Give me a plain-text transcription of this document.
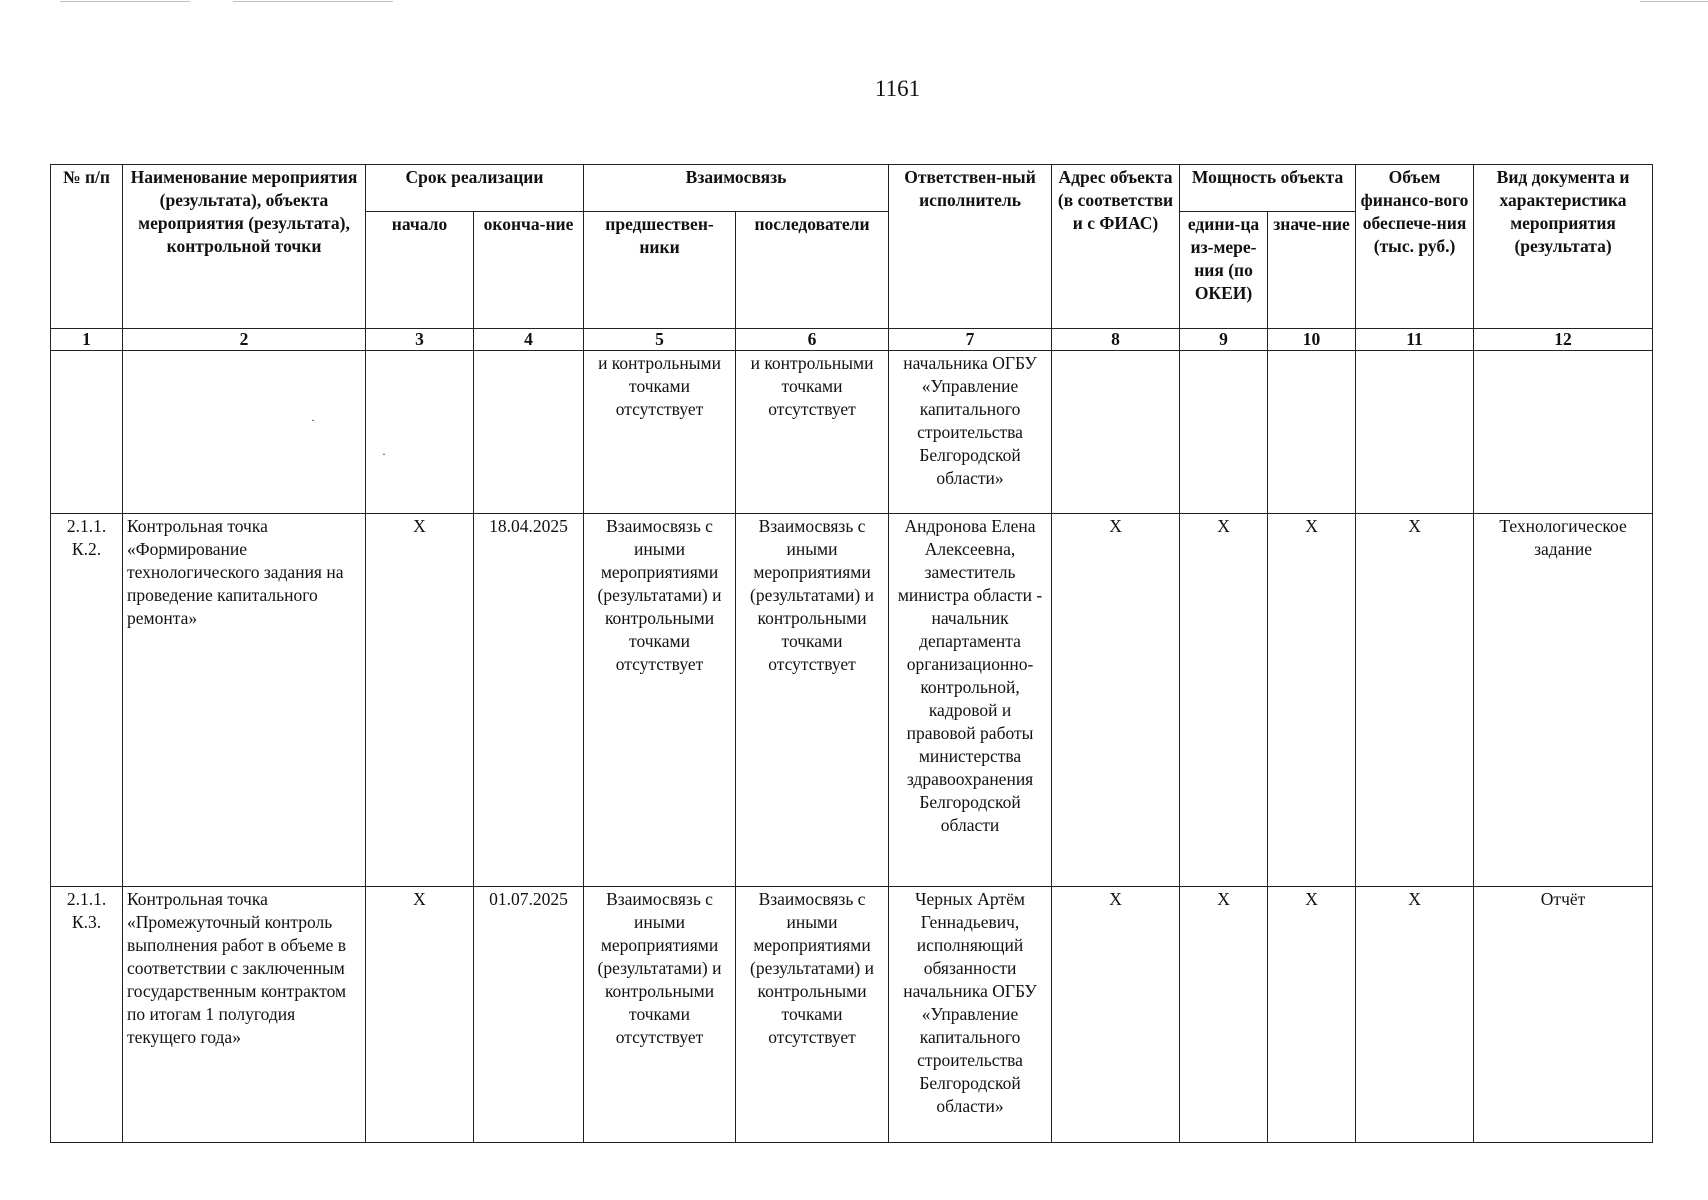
1161
№ п/п	Наименование мероприятия (результата), объекта мероприятия (результата), контрольной точки	Срок реализации		Взаимосвязь		Ответствен-ный исполнитель	Адрес объекта (в соответстви и с ФИАС)	Мощность объекта		Объем финансо-вого обеспече-ния (тыс. руб.)	Вид документа и характеристика мероприятия (результата)
		начало	оконча-ние	предшествен-ники	последователи			едини-ца из-мере-ния (по ОКЕИ)	значе-ние		
1	2	3	4	5	6	7	8	9	10	11	12

	·	·		и контрольными точками отсутствует	и контрольными точками отсутствует	начальника ОГБУ «Управление капитального строительства Белгородской области»					
2.1.1. К.2.	Контрольная точка «Формирование технологического задания на проведение капитального ремонта»	X	18.04.2025	Взаимосвязь с иными мероприятиями (результатами) и контрольными точками отсутствует	Взаимосвязь с иными мероприятиями (результатами) и контрольными точками отсутствует	Андронова Елена Алексеевна, заместитель министра области - начальник департамента организационно-контрольной, кадровой и правовой работы министерства здравоохранения Белгородской области	X	X	X	X	Технологическое задание
2.1.1. К.3.	Контрольная точка «Промежуточный контроль выполнения работ в объеме в соответствии с заключенным государственным контрактом по итогам 1 полугодия текущего года»	X	01.07.2025	Взаимосвязь с иными мероприятиями (результатами) и контрольными точками отсутствует	Взаимосвязь с иными мероприятиями (результатами) и контрольными точками отсутствует	Черных Артём Геннадьевич, исполняющий обязанности начальника ОГБУ «Управление капитального строительства Белгородской области»	X	X	X	X	Отчёт
